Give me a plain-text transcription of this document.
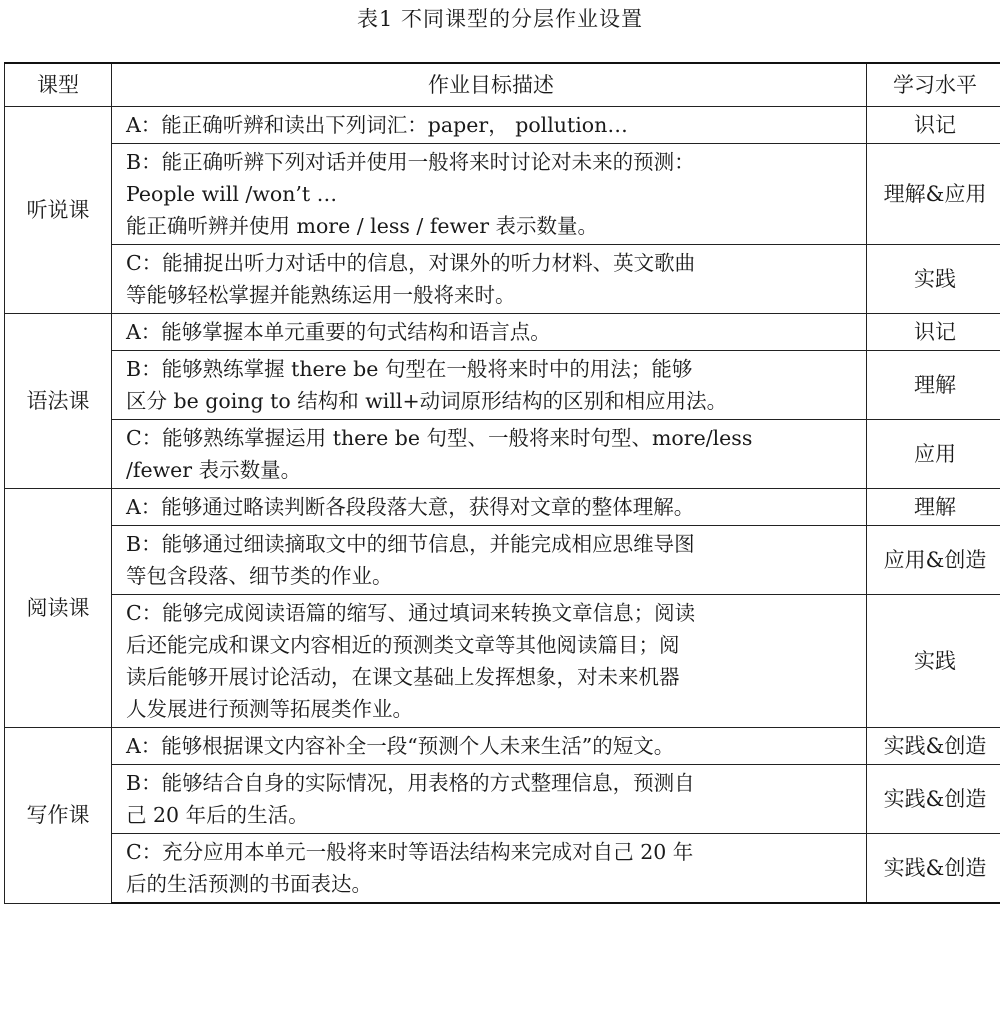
表1 不同课型的分层作业设置
课型	作业目标描述	学习水平
听说课	A：能正确听辨和读出下列词汇：paper， pollution…	识记

	B：能正确听辨下列对话并使用一般将来时讨论对未来的预测：
People will /won’t …
能正确听辨并使用 more / less / fewer 表示数量。	理解&应用

	C：能捕捉出听力对话中的信息，对课外的听力材料、英文歌曲
等能够轻松掌握并能熟练运用一般将来时。	实践
语法课	A：能够掌握本单元重要的句式结构和语言点。	识记

	B：能够熟练掌握 there be 句型在一般将来时中的用法；能够
区分 be going to 结构和 will+动词原形结构的区别和相应用法。	理解

	C：能够熟练掌握运用 there be 句型、一般将来时句型、more/less
/fewer 表示数量。	应用
阅读课	A：能够通过略读判断各段段落大意，获得对文章的整体理解。	理解

	B：能够通过细读摘取文中的细节信息，并能完成相应思维导图
等包含段落、细节类的作业。	应用&创造

	C：能够完成阅读语篇的缩写、通过填词来转换文章信息；阅读
后还能完成和课文内容相近的预测类文章等其他阅读篇目；阅
读后能够开展讨论活动，在课文基础上发挥想象，对未来机器
人发展进行预测等拓展类作业。	实践
写作课	A：能够根据课文内容补全一段“预测个人未来生活”的短文。	实践&创造

	B：能够结合自身的实际情况，用表格的方式整理信息，预测自
己 20 年后的生活。	实践&创造

	C：充分应用本单元一般将来时等语法结构来完成对自己 20 年
后的生活预测的书面表达。	实践&创造
